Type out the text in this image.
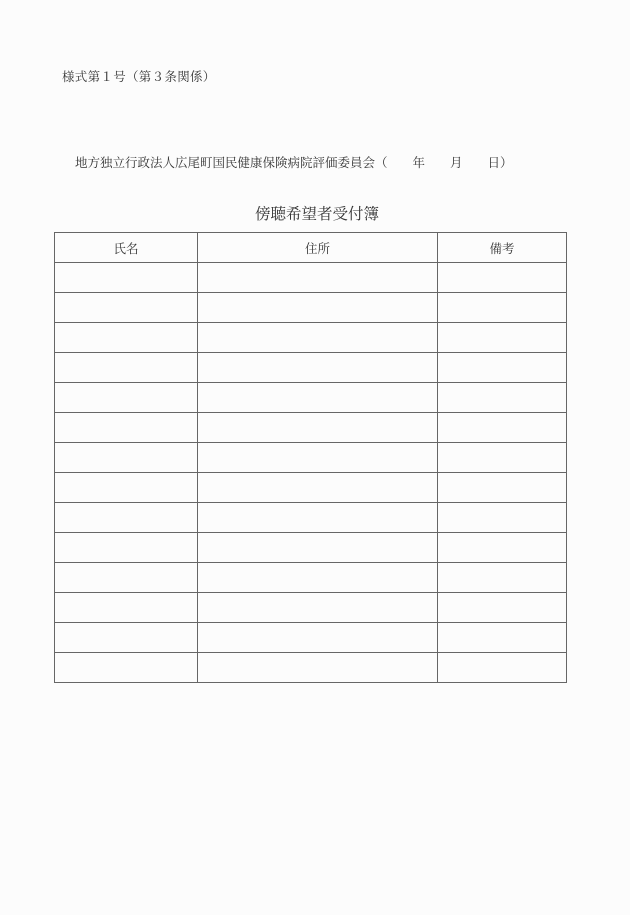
様式第１号（第３条関係）
地方独立行政法人広尾町国民健康保険病院評価委員会（　　年　　月　　日）
傍聴希望者受付簿
氏名	住所	備考
